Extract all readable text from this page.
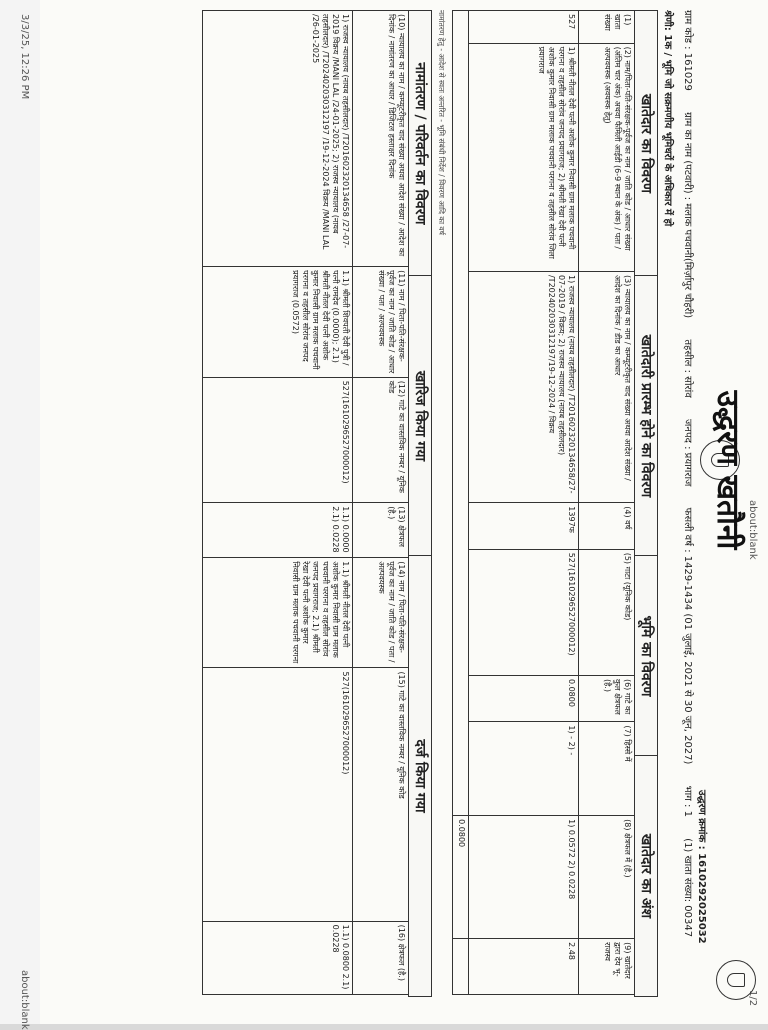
3/3/25, 12:26 PM
about:blank
about:blank
1/2
उद्धरण खतौनी
उद्धरण क्रमांक : 1610292025032
ग्राम कोड : 161029 ग्राम का नाम (पटवारी) : मलाक पचवानी(मिर्ज़ापुर चौहरी) तहसील : सोरांव जनपद : प्रयागराज फसली वर्ष : 1429-1434 (01 जुलाई, 2021 से 30 जून, 2027) भाग : 1 (1) खाता संख्या: 00347
श्रेणी: 1क / भूमि जो सक्रमणीय भूमिधरों के अधिकार में हो
खातेदार का विवरण
खातेदारी प्रारम्भ होने का विवरण
भूमि का विवरण
खातेदार का अंश
(1) खाता संख्या	(2) नाम/पिता-पति-संरक्षक-पूर्वज का नाम / जाति कोड / आधार संख्या (अंतिम चार अंक) अथवा फैमिली आईडी (6-9 स्थान के अंक) / पता / अल्पवयस्क (अवयस्क हेतु)	(3) न्यायालय का नाम / कम्प्यूटरीकृत वाद संख्या अथवा आदेश संख्या / आदेश का दिनांक / डीड का आधार	(4) वर्ष	(5) गाटा (यूनिक कोड)	(6) गाटे का कुल क्षेत्रफल (है.)	(7) हिस्से में	(8) क्षेत्रफल में (है.)	(9) खातेदार द्वारा देय भू-राजस्व
527	1) श्रीमती नीतल देवी पत्नी अशोक कुमार निवासी ग्राम मलाक पचवानी परगना व तहसील सोरांव जनपद प्रयागराज; 2) श्रीमती रेखा देवी पत्नी अशोक कुमार निवासी ग्राम मलाक पचवानी परगना व तहसील सोरांव जिला प्रयागराज	1) राजस्व न्यायालय (नायब तहसीलदार) /T201602320134658/27-07-2019 / विक्रय; 2) राजस्व न्यायालय (नायब तहसीलदार) /T202402030312197/19-12-2024 / विक्रय	1397फ	527(1610296527000012)	0.0800	1) - 2) -	1) 0.0572 2) 0.0228	2.48
							0.0800	
नामांतरण हेतु - आदेश से स्वतः अन्तरित - भूमि संबंधी निर्देश / विवरण आदि का वर्ष
नामांतरण / परिवर्तन का विवरण
खारिज किया गया
दर्ज किया गया
(10) न्यायालय का नाम / कम्प्यूटरीकृत वाद संख्या अथवा आदेश संख्या / आदेश का दिनांक / नामांतरण का आधार / डिजिटल हस्ताक्षर दिनांक	(11) नाम / पिता-पति-संरक्षक-पूर्वज का नाम / जाति कोड / आधार संख्या / पता / अल्पवयस्क	(12) गाटे का वास्तविक नम्बर / यूनिक कोड	(13) क्षेत्रफल (है.)	(14) नाम / पिता-पति-संरक्षक-पूर्वज का नाम / जाति कोड / पता / अल्पवयस्क	(15) गाटे का वास्तविक नम्बर / यूनिक कोड	(16) क्षेत्रफल (है.)
1) राजस्व न्यायालय (नायब तहसीलदार) /T201602320134658 /27-07-2019 विक्रय /MANI LAL /24-01-2025; 2) राजस्व न्यायालय (नायब तहसीलदार) /T202402030312197 /19-12-2024 विक्रय /MANI LAL /26-01-2025	1.1) श्रीमती शिवपती देवी पुत्री /पत्नी रामदेव (0.0000); 2.1) श्रीमती नीतल देवी पत्नी अशोक कुमार निवासी ग्राम मलाक पचवानी परगना व तहसील सोरांव जनपद प्रयागराज (0.0572)	527(1610296527000012)	1.1) 0.0000 2.1) 0.0228	1.1) श्रीमती नीतल देवी पत्नी अशोक कुमार निवासी ग्राम मलाक पचवानी परगना व तहसील सोरांव जनपद प्रयागराज; 2.1) श्रीमती रेखा देवी पत्नी अशोक कुमार निवासी ग्राम मलाक पचवानी परगना	527(1610296527000012)	1.1) 0.0800 2.1) 0.0228
